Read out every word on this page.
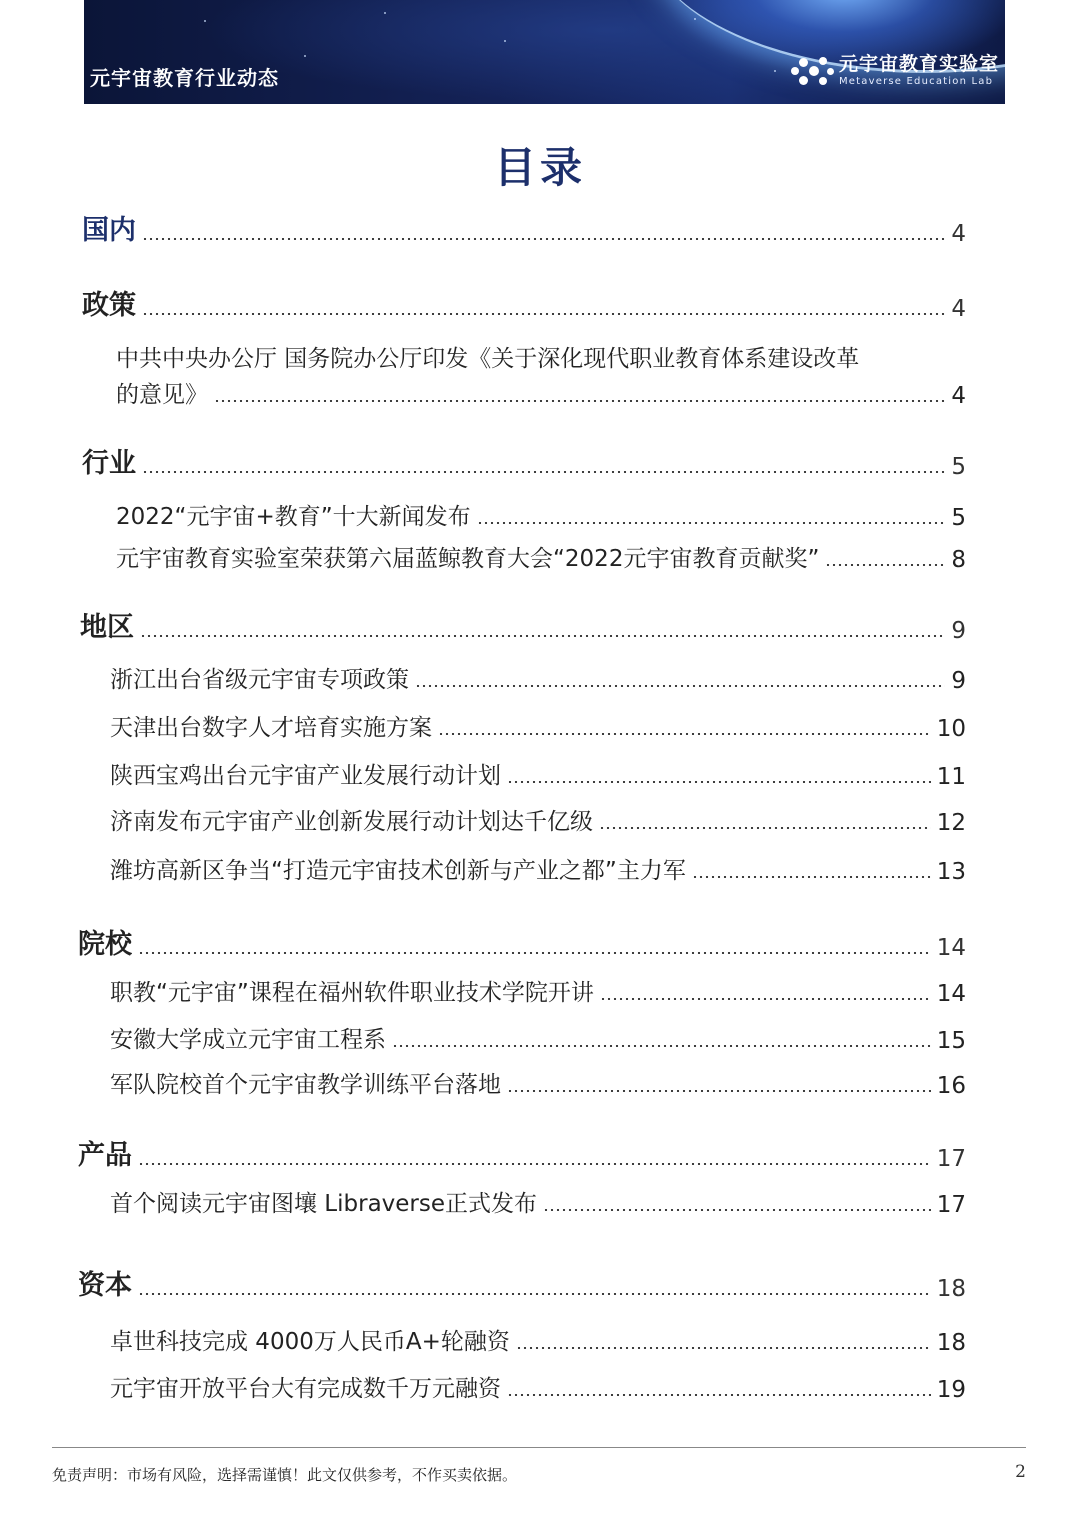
元宇宙教育行业动态
元宇宙教育实验室
Metaverse Education Lab
目录
国内	4
政策	4
中共中央办公厅 国务院办公厅印发《关于深化现代职业教育体系建设改革
的意见》	4
行业	5
2022“元宇宙+教育”十大新闻发布	5
元宇宙教育实验室荣获第六届蓝鲸教育大会“2022元宇宙教育贡献奖”	8
地区	9
浙江出台省级元宇宙专项政策	9
天津出台数字人才培育实施方案	10
陕西宝鸡出台元宇宙产业发展行动计划	11
济南发布元宇宙产业创新发展行动计划达千亿级	12
潍坊高新区争当“打造元宇宙技术创新与产业之都”主力军	13
院校	14
职教“元宇宙”课程在福州软件职业技术学院开讲	14
安徽大学成立元宇宙工程系	15
军队院校首个元宇宙教学训练平台落地	16
产品	17
首个阅读元宇宙图壤 Libraverse正式发布	17
资本	18
卓世科技完成 4000万人民币A+轮融资	18
元宇宙开放平台大有完成数千万元融资	19
免责声明：市场有风险，选择需谨慎！此文仅供参考，不作买卖依据。	2
